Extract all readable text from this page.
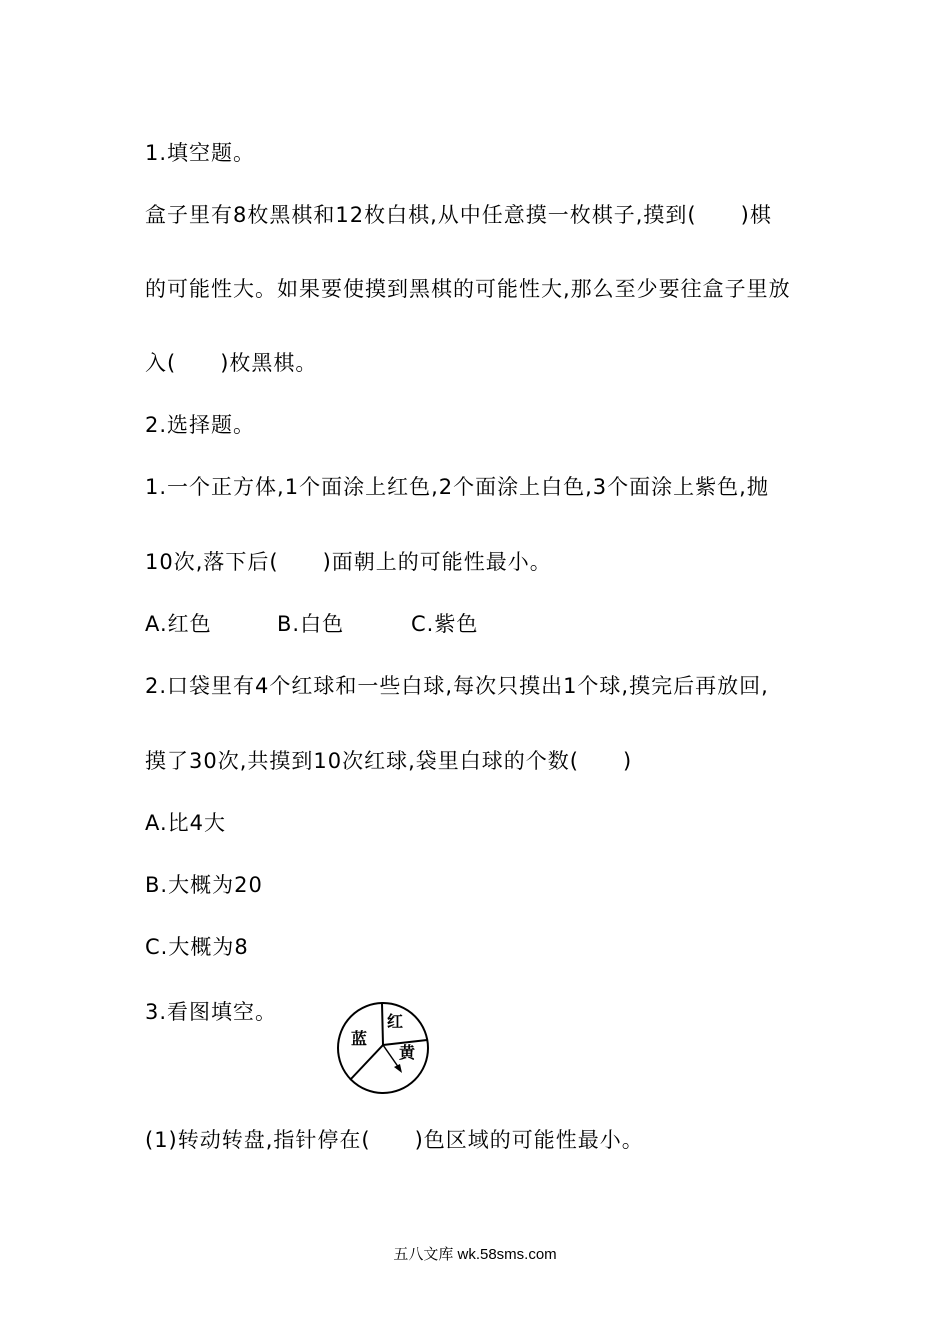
1.填空题。
盒子里有8枚黑棋和12枚白棋,从中任意摸一枚棋子,摸到(　　)棋
的可能性大。如果要使摸到黑棋的可能性大,那么至少要往盒子里放
入(　　)枚黑棋。
2.选择题。
1.一个正方体,1个面涂上红色,2个面涂上白色,3个面涂上紫色,抛
10次,落下后(　　)面朝上的可能性最小。
A.红色	B.白色	C.紫色
2.口袋里有4个红球和一些白球,每次只摸出1个球,摸完后再放回,
摸了30次,共摸到10次红球,袋里白球的个数(　　)
A.比4大
B.大概为20
C.大概为8
3.看图填空。
蓝
红
黄
(1)转动转盘,指针停在(　　)色区域的可能性最小。
五八文库 wk.58sms.com
